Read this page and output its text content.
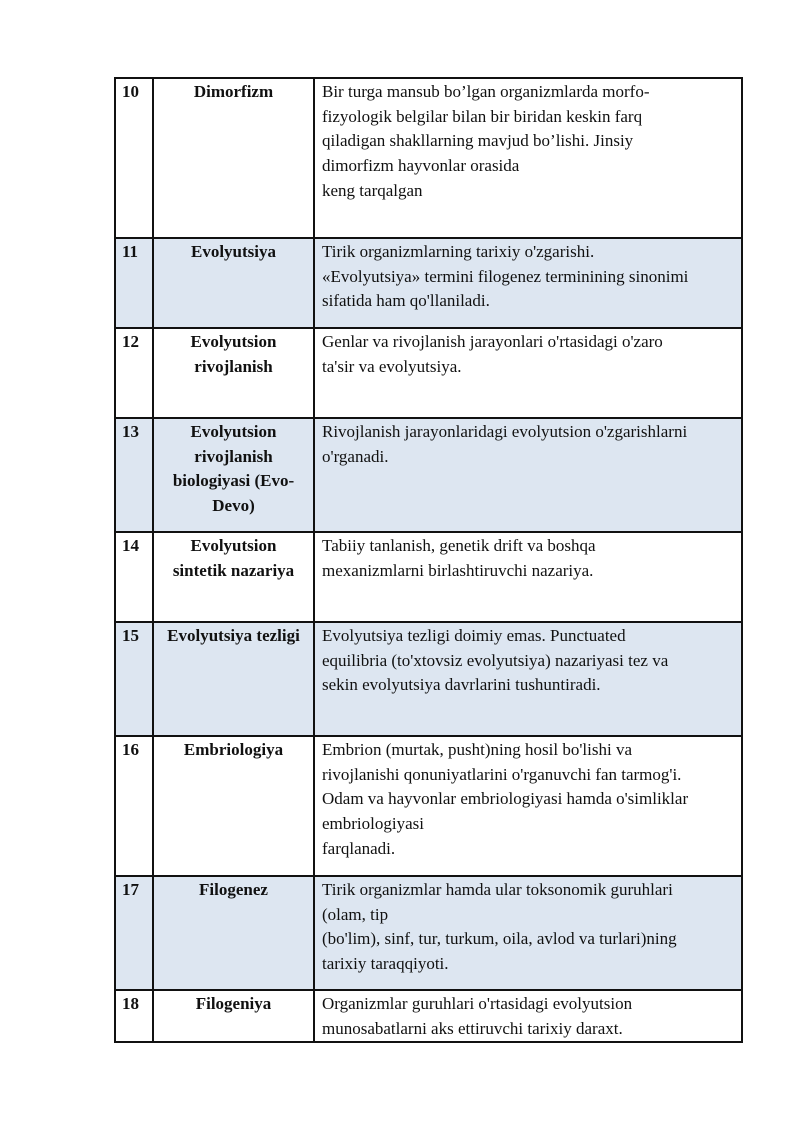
10	Dimorfizm	Bir turga mansub bo’lgan organizmlarda morfo-
fizyologik belgilar bilan bir biridan keskin farq
qiladigan shakllarning mavjud bo’lishi. Jinsiy
dimorfizm hayvonlar orasida
keng tarqalgan

11	Evolyutsiya	Tirik organizmlarning tarixiy o'zgarishi.
«Evolyutsiya» termini filogenez terminining sinonimi
sifatida ham qo'llaniladi.

12	Evolyutsion
rivojlanish	Genlar va rivojlanish jarayonlari o'rtasidagi o'zaro
ta'sir va evolyutsiya.

13	Evolyutsion
rivojlanish
biologiyasi (Evo-
Devo)	Rivojlanish jarayonlaridagi evolyutsion o'zgarishlarni
o'rganadi.

14	Evolyutsion
sintetik nazariya	Tabiiy tanlanish, genetik drift va boshqa
mexanizmlarni birlashtiruvchi nazariya.

15	Evolyutsiya tezligi	Evolyutsiya tezligi doimiy emas. Punctuated
equilibria (to'xtovsiz evolyutsiya) nazariyasi tez va
sekin evolyutsiya davrlarini tushuntiradi.

16	Embriologiya	Embrion (murtak, pusht)ning hosil bo'lishi va
rivojlanishi qonuniyatlarini o'rganuvchi fan tarmog'i.
Odam va hayvonlar embriologiyasi hamda o'simliklar
embriologiyasi
farqlanadi.

17	Filogenez	Tirik organizmlar hamda ular toksonomik guruhlari
(olam, tip
(bo'lim), sinf, tur, turkum, oila, avlod va turlari)ning
tarixiy taraqqiyoti.

18	Filogeniya	Organizmlar guruhlari o'rtasidagi evolyutsion
munosabatlarni aks ettiruvchi tarixiy daraxt.
